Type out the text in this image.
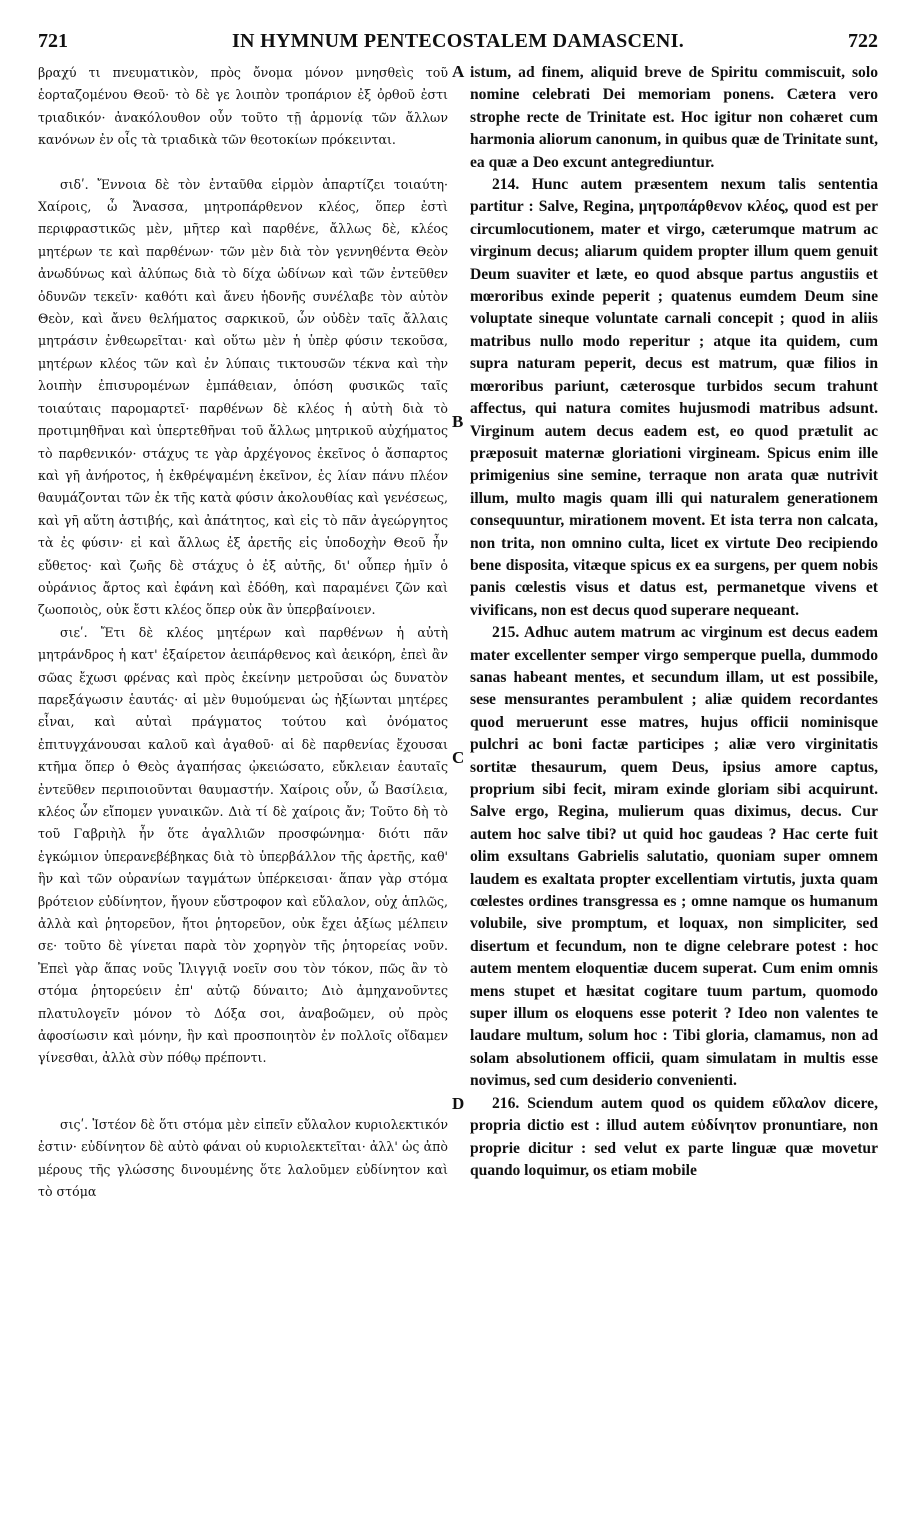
721	IN HYMNUM PENTECOSTALEM DAMASCENI.	722

βραχύ τι πνευματικὸν, πρὸς ὄνομα μόνον μνησθεὶς τοῦ ἑορταζομένου Θεοῦ· τὸ δὲ γε λοιπὸν τροπάριον ἐξ ὀρθοῦ ἐστι τριαδικόν· ἀνακόλουθον οὖν τοῦτο τῇ ἁρμονίᾳ τῶν ἄλλων κανόνων ἐν οἷς τὰ τριαδικὰ τῶν θεοτοκίων πρόκεινται.

σιδʹ. Ἔννοια δὲ τὸν ἐνταῦθα εἱρμὸν ἀπαρτίζει τοιαύτη· Χαίροις, ὦ Ἄνασσα, μητροπάρθενον κλέος, ὅπερ ἐστὶ περιφραστικῶς μὲν, μῆτερ καὶ παρθένε, ἄλλως δὲ, κλέος μητέρων τε καὶ παρθένων· τῶν μὲν διὰ τὸν γεννηθέντα Θεὸν ἀνωδύνως καὶ ἀλύπως διὰ τὸ δίχα ὠδίνων καὶ τῶν ἐντεῦθεν ὀδυνῶν τεκεῖν· καθότι καὶ ἄνευ ἡδονῆς συνέλαβε τὸν αὐτὸν Θεὸν, καὶ ἄνευ θελήματος σαρκικοῦ, ὧν οὐδὲν ταῖς ἄλλαις μητράσιν ἐνθεωρεῖται· καὶ οὕτω μὲν ἡ ὑπὲρ φύσιν τεκοῦσα, μητέρων κλέος τῶν καὶ ἐν λύπαις τικτουσῶν τέκνα καὶ τὴν λοιπὴν ἐπισυρομένων ἐμπάθειαν, ὁπόση φυσικῶς ταῖς τοιαύταις παρομαρτεῖ· παρθένων δὲ κλέος ἡ αὐτὴ διὰ τὸ προτιμηθῆναι καὶ ὑπερτεθῆναι τοῦ ἄλλως μητρικοῦ αὐχήματος τὸ παρθενικόν· στάχυς τε γὰρ ἀρχέγονος ἐκεῖνος ὁ ἄσπαρτος καὶ γῆ ἀνήροτος, ἡ ἐκθρέψαμένη ἐκεῖνον, ἐς λίαν πάνυ πλέον θαυμάζονται τῶν ἐκ τῆς κατὰ φύσιν ἀκολουθίας καὶ γενέσεως, καὶ γῆ αὕτη ἀστιβής, καὶ ἀπάτητος, καὶ εἰς τὸ πᾶν ἀγεώργητος τὰ ἐς φύσιν· εἰ καὶ ἄλλως ἐξ ἀρετῆς εἰς ὑποδοχὴν Θεοῦ ἦν εὔθετος· καὶ ζωῆς δὲ στάχυς ὁ ἐξ αὐτῆς, δι' οὗπερ ἡμῖν ὁ οὐράνιος ἄρτος καὶ ἐφάνη καὶ ἐδόθη, καὶ παραμένει ζῶν καὶ ζωοποιὸς, οὐκ ἔστι κλέος ὅπερ οὐκ ἂν ὑπερβαίνοιεν.

σιεʹ. Ἔτι δὲ κλέος μητέρων καὶ παρθένων ἡ αὐτὴ μητράνδρος ἡ κατ' ἐξαίρετον ἀειπάρθενος καὶ ἀεικόρη, ἐπεὶ ἂν σῶας ἔχωσι φρένας καὶ πρὸς ἐκείνην μετροῦσαι ὡς δυνατὸν παρεξάγωσιν ἑαυτάς· αἱ μὲν θυμούμεναι ὡς ἠξίωνται μητέρες εἶναι, καὶ αὐταὶ πράγματος τούτου καὶ ὀνόματος ἐπιτυγχάνουσαι καλοῦ καὶ ἀγαθοῦ· αἱ δὲ παρθενίας ἔχουσαι κτῆμα ὅπερ ὁ Θεὸς ἀγαπήσας ᾠκειώσατο, εὔκλειαν ἑαυταῖς ἐντεῦθεν περιποιοῦνται θαυμαστήν. Χαίροις οὖν, ὦ Βασίλεια, κλέος ὧν εἴπομεν γυναικῶν. Διὰ τί δὲ χαίροις ἄν; Τοῦτο δὴ τὸ τοῦ Γαβριὴλ ἦν ὅτε ἀγαλλιῶν προσφώνημα· διότι πᾶν ἐγκώμιον ὑπερανεβέβηκας διὰ τὸ ὑπερβάλλον τῆς ἀρετῆς, καθ' ἣν καὶ τῶν οὐρανίων ταγμάτων ὑπέρκεισαι· ἅπαν γὰρ στόμα βρότειον εὐδίνητον, ἤγουν εὔστροφον καὶ εὔλαλον, οὐχ ἁπλῶς, ἀλλὰ καὶ ῥητορεῦον, ἤτοι ῥητορεῦον, οὐκ ἔχει ἀξίως μέλπειν σε· τοῦτο δὲ γίνεται παρὰ τὸν χορηγὸν τῆς ῥητορείας νοῦν. Ἐπεὶ γὰρ ἅπας νοῦς Ἰλιγγιᾷ νοεῖν σου τὸν τόκον, πῶς ἂν τὸ στόμα ῥητορεύειν ἐπ' αὐτῷ δύναιτο; Διὸ ἀμηχανοῦντες πλατυλογεῖν μόνον τὸ Δόξα σοι, ἀναβοῶμεν, οὐ πρὸς ἀφοσίωσιν καὶ μόνην, ἣν καὶ προσποιητὸν ἐν πολλοῖς οἴδαμεν γίνεσθαι, ἀλλὰ σὺν πόθῳ πρέποντι.

σιςʹ. Ἰστέον δὲ ὅτι στόμα μὲν εἰπεῖν εὔλαλον κυριολεκτικόν ἐστιν· εὐδίνητον δὲ αὐτὸ φάναι οὐ κυριολεκτεῖται· ἀλλ' ὡς ἀπὸ μέρους τῆς γλώσσης δινουμένης ὅτε λαλοῦμεν εὐδίνητον καὶ τὸ στόμα

A
B
C
D

istum, ad finem, aliquid breve de Spiritu commiscuit, solo nomine celebrati Dei memoriam ponens. Cætera vero strophe recte de Trinitate est. Hoc igitur non cohæret cum harmonia aliorum canonum, in quibus quæ de Trinitate sunt, ea quæ a Deo excunt antegrediuntur.

214. Hunc autem præsentem nexum talis sententia partitur : Salve, Regina, μητροπάρθενον κλέος, quod est per circumlocutionem, mater et virgo, cæterumque matrum ac virginum decus; aliarum quidem propter illum quem genuit Deum suaviter et læte, eo quod absque partus angustiis et mœroribus exinde peperit ; quatenus eumdem Deum sine voluptate sineque voluntate carnali concepit ; quod in aliis matribus nullo modo reperitur ; atque ita quidem, cum supra naturam peperit, decus est matrum, quæ filios in mœroribus pariunt, cæterosque turbidos secum trahunt affectus, qui natura comites hujusmodi matribus adsunt. Virginum autem decus eadem est, eo quod prætulit ac præposuit maternæ gloriationi virgineam. Spicus enim ille primigenius sine semine, terraque non arata quæ nutrivit illum, multo magis quam illi qui naturalem generationem consequuntur, mirationem movent. Et ista terra non calcata, non trita, non omnino culta, licet ex virtute Deo recipiendo bene disposita, vitæque spicus ex ea surgens, per quem nobis panis cœlestis visus et datus est, permanetque vivens et vivificans, non est decus quod superare nequeant.

215. Adhuc autem matrum ac virginum est decus eadem mater excellenter semper virgo semperque puella, dummodo sanas habeant mentes, et secundum illam, ut est possibile, sese mensurantes perambulent ; aliæ quidem recordantes quod meruerunt esse matres, hujus officii nominisque pulchri ac boni factæ participes ; aliæ vero virginitatis sortitæ thesaurum, quem Deus, ipsius amore captus, proprium sibi fecit, miram exinde gloriam sibi acquirunt. Salve ergo, Regina, mulierum quas diximus, decus. Cur autem hoc salve tibi? ut quid hoc gaudeas ? Hac certe fuit olim exsultans Gabrielis salutatio, quoniam super omnem laudem es exaltata propter excellentiam virtutis, juxta quam cœlestes ordines transgressa es ; omne namque os humanum volubile, sive promptum, et loquax, non simpliciter, sed disertum et fecundum, non te digne celebrare potest : hoc autem mentem eloquentiæ ducem superat. Cum enim omnis mens stupet et hæsitat cogitare tuum partum, quomodo super illum os eloquens esse poterit ? Ideo non valentes te laudare multum, solum hoc : Tibi gloria, clamamus, non ad solam absolutionem officii, quam simulatam in multis esse novimus, sed cum desiderio convenienti.

216. Sciendum autem quod os quidem εὔλαλον dicere, propria dictio est : illud autem εὐδίνητον pronuntiare, non proprie dicitur : sed velut ex parte linguæ quæ movetur quando loquimur, os etiam mobile
